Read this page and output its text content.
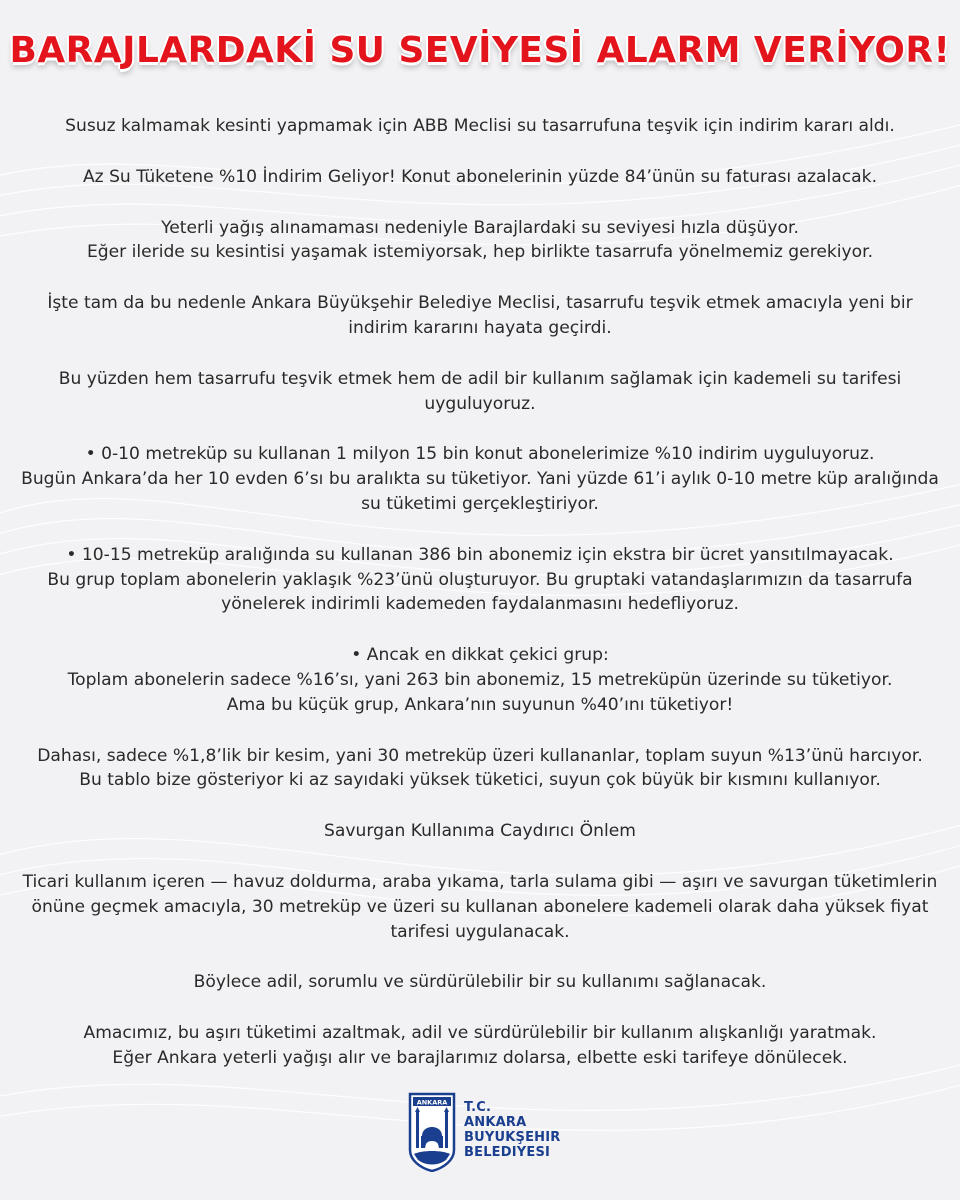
BARAJLARDAKİ SU SEVİYESİ ALARM VERİYOR!

Susuz kalmamak kesinti yapmamak için ABB Meclisi su tasarrufuna teşvik için indirim kararı aldı.

Az Su Tüketene %10 İndirim Geliyor! Konut abonelerinin yüzde 84’ünün su faturası azalacak.

Yeterli yağış alınamaması nedeniyle Barajlardaki su seviyesi hızla düşüyor.
Eğer ileride su kesintisi yaşamak istemiyorsak, hep birlikte tasarrufa yönelmemiz gerekiyor.

İşte tam da bu nedenle Ankara Büyükşehir Belediye Meclisi, tasarrufu teşvik etmek amacıyla yeni bir
indirim kararını hayata geçirdi.

Bu yüzden hem tasarrufu teşvik etmek hem de adil bir kullanım sağlamak için kademeli su tarifesi
uyguluyoruz.

• 0-10 metreküp su kullanan 1 milyon 15 bin konut abonelerimize %10 indirim uyguluyoruz.
Bugün Ankara’da her 10 evden 6’sı bu aralıkta su tüketiyor. Yani yüzde 61’i aylık 0-10 metre küp aralığında
su tüketimi gerçekleştiriyor.

• 10-15 metreküp aralığında su kullanan 386 bin abonemiz için ekstra bir ücret yansıtılmayacak.
Bu grup toplam abonelerin yaklaşık %23’ünü oluşturuyor. Bu gruptaki vatandaşlarımızın da tasarrufa
yönelerek indirimli kademeden faydalanmasını hedefliyoruz.

• Ancak en dikkat çekici grup:
Toplam abonelerin sadece %16’sı, yani 263 bin abonemiz, 15 metreküpün üzerinde su tüketiyor.
Ama bu küçük grup, Ankara’nın suyunun %40’ını tüketiyor!

Dahası, sadece %1,8’lik bir kesim, yani 30 metreküp üzeri kullananlar, toplam suyun %13’ünü harcıyor.
Bu tablo bize gösteriyor ki az sayıdaki yüksek tüketici, suyun çok büyük bir kısmını kullanıyor.

Savurgan Kullanıma Caydırıcı Önlem

Ticari kullanım içeren — havuz doldurma, araba yıkama, tarla sulama gibi — aşırı ve savurgan tüketimlerin
önüne geçmek amacıyla, 30 metreküp ve üzeri su kullanan abonelere kademeli olarak daha yüksek fiyat
tarifesi uygulanacak.

Böylece adil, sorumlu ve sürdürülebilir bir su kullanımı sağlanacak.

Amacımız, bu aşırı tüketimi azaltmak, adil ve sürdürülebilir bir kullanım alışkanlığı yaratmak.
Eğer Ankara yeterli yağışı alır ve barajlarımız dolarsa, elbette eski tarifeye dönülecek.

ANKARA T.C.
ANKARA
BUYUKŞEHIR
BELEDIYESI
